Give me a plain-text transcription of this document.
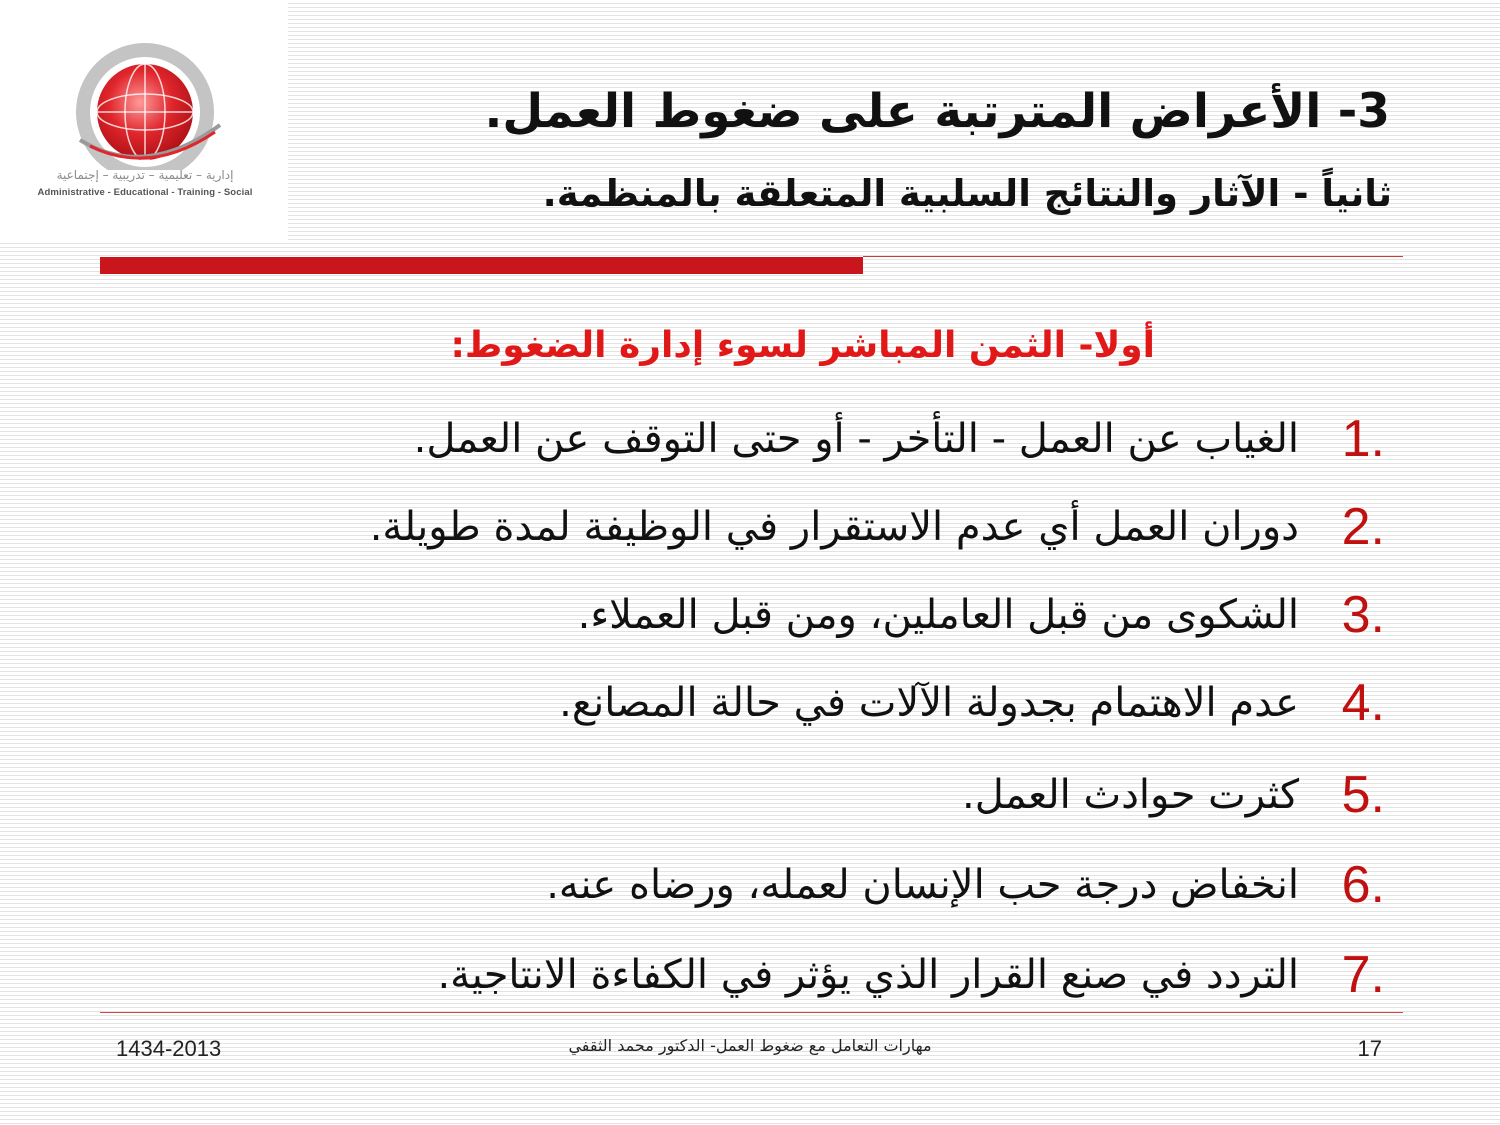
إدارية – تعليمية – تدريبية – إجتماعية
Administrative - Educational - Training - Social
3- الأعراض المترتبة على ضغوط العمل.
ثانياً - الآثار والنتائج السلبية المتعلقة بالمنظمة.
أولا- الثمن المباشر لسوء إدارة الضغوط:
الغياب عن العمل - التأخر - أو حتى التوقف عن العمل. 1.
دوران العمل أي عدم الاستقرار في الوظيفة لمدة طويلة. 2.
الشكوى من قبل العاملين، ومن قبل العملاء. 3.
عدم الاهتمام بجدولة الآلات في حالة المصانع. 4.
كثرت حوادث العمل. 5.
انخفاض درجة حب الإنسان لعمله، ورضاه عنه. 6.
التردد في صنع القرار الذي يؤثر في الكفاءة الانتاجية. 7.
1434-2013	مهارات التعامل مع ضغوط العمل- الدكتور محمد الثقفي	17
